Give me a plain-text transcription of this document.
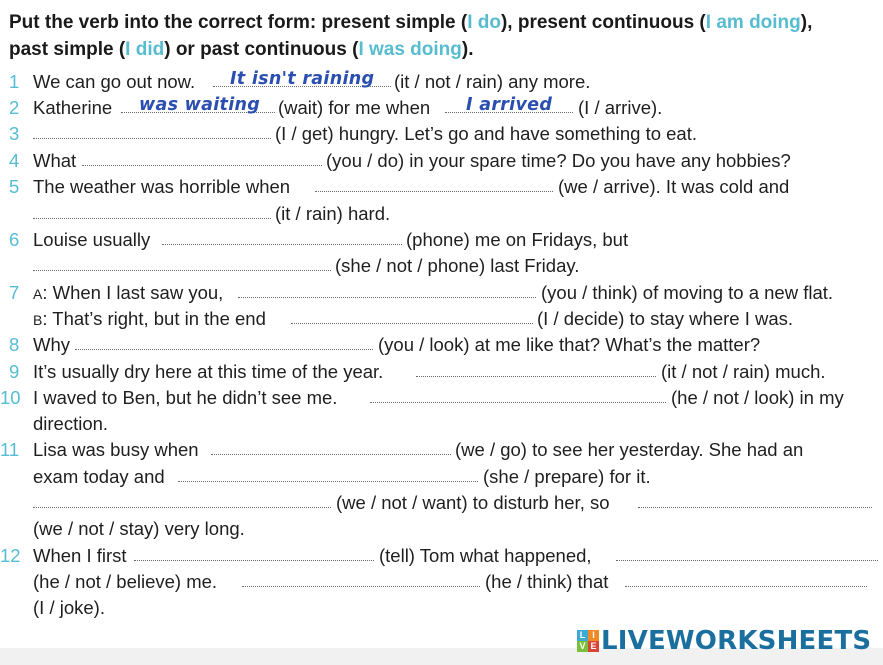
Put the verb into the correct form: present simple (I do), present continuous (I am doing),
past simple (I did) or past continuous (I was doing).
1 We can go out now. It isn't raining (it / not / rain) any more.
2 Katherine was waiting (wait) for me when I arrived (I / arrive).
3	(I / get) hungry. Let’s go and have something to eat.
4 What	(you / do) in your spare time? Do you have any hobbies?
5 The weather was horrible when	(we / arrive). It was cold and
(it / rain) hard.
6 Louise usually	(phone) me on Fridays, but
(she / not / phone) last Friday.
7 A: When I last saw you,	(you / think) of moving to a new flat.
B: That’s right, but in the end	(I / decide) to stay where I was.
8 Why	(you / look) at me like that? What’s the matter?
9 It’s usually dry here at this time of the year.	(it / not / rain) much.
10 I waved to Ben, but he didn’t see me.	(he / not / look) in my
direction.
11 Lisa was busy when	(we / go) to see her yesterday. She had an
exam today and	(she / prepare) for it.
(we / not / want) to disturb her, so
(we / not / stay) very long.
12 When I first	(tell) Tom what happened,
(he / not / believe) me.	(he / think) that
(I / joke).
L I
V E LIVEWORKSHEETS
